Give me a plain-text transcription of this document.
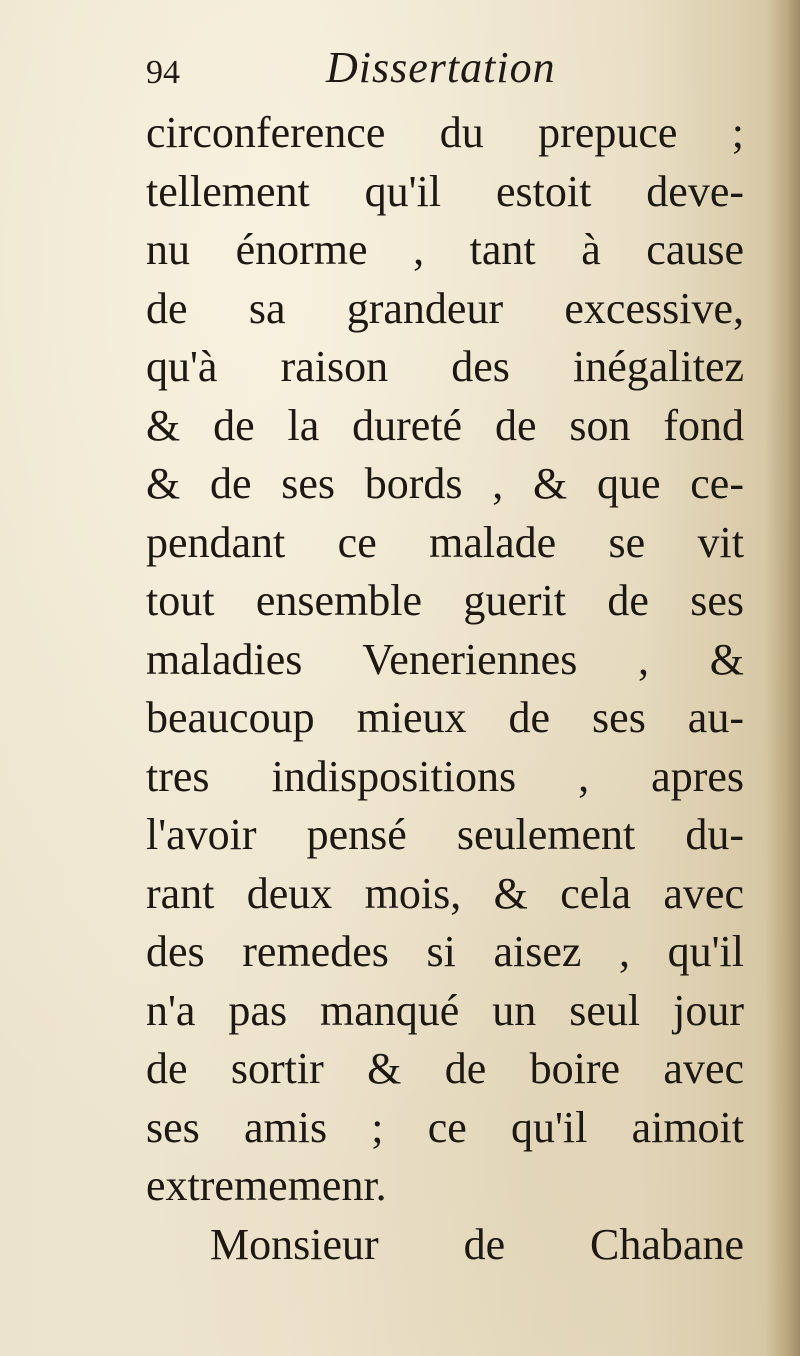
94	Dissertation
circonference du prepuce ;
tellement qu'il estoit deve-
nu énorme , tant à cause
de sa grandeur excessive,
qu'à raison des inégalitez
& de la dureté de son fond
& de ses bords , & que ce-
pendant ce malade se vit
tout ensemble guerit de ses
maladies Veneriennes , &
beaucoup mieux de ses au-
tres indispositions , apres
l'avoir pensé seulement du-
rant deux mois, & cela avec
des remedes si aisez , qu'il
n'a pas manqué un seul jour
de sortir & de boire avec
ses amis ; ce qu'il aimoit
extrememenr.
Monsieur de Chabane
